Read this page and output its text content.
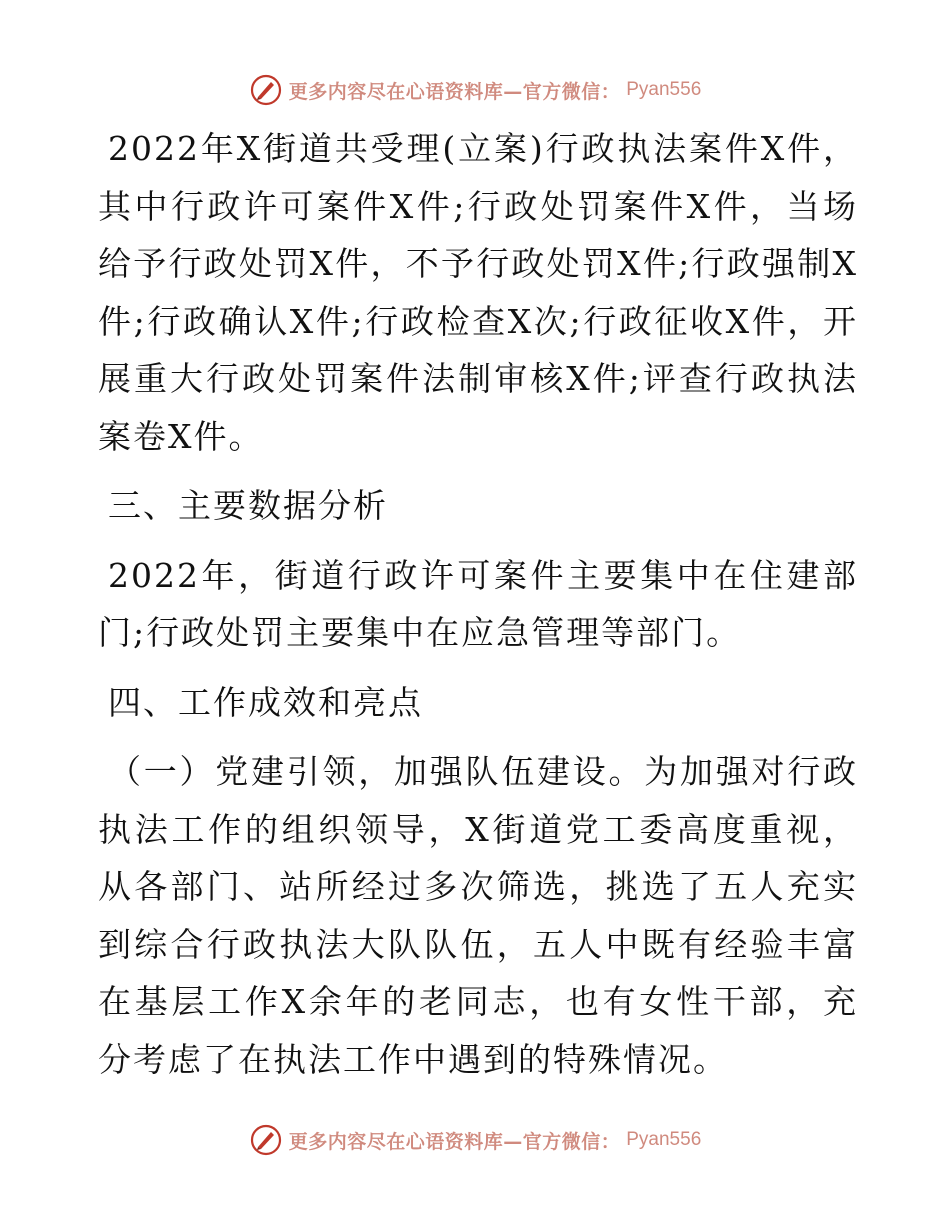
更多内容尽在心语资料库—官方微信： Pyan556

2022年X街道共受理(立案)行政执法案件X件，其中行政许可案件X件;行政处罚案件X件，当场给予行政处罚X件，不予行政处罚X件;行政强制X件;行政确认X件;行政检查X次;行政征收X件，开展重大行政处罚案件法制审核X件;评查行政执法案卷X件。

三、主要数据分析

2022年，街道行政许可案件主要集中在住建部门;行政处罚主要集中在应急管理等部门。

四、工作成效和亮点

（一）党建引领，加强队伍建设。为加强对行政执法工作的组织领导，X街道党工委高度重视，从各部门、站所经过多次筛选，挑选了五人充实到综合行政执法大队队伍，五人中既有经验丰富在基层工作X余年的老同志，也有女性干部，充分考虑了在执法工作中遇到的特殊情况。

更多内容尽在心语资料库—官方微信： Pyan556
